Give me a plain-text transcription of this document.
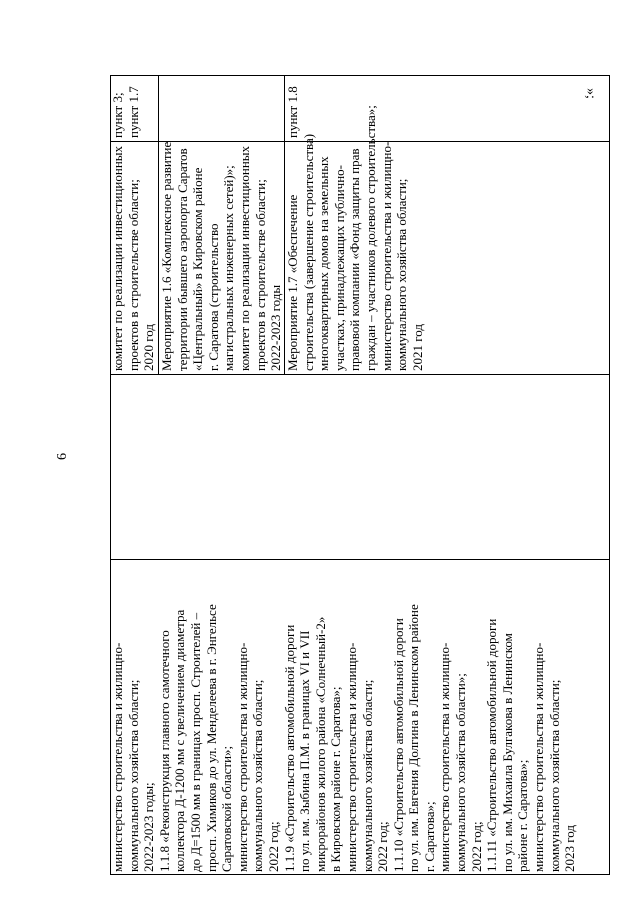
6
»;
министерство строительства и жилищно- коммунального хозяйства области; 2022-2023 годы; 1.1.8 «Реконструкция главного самотечного коллектора Д-1200 мм с увеличением диаметра до Д=1500 мм в границах просп. Строителей – просп. Химиков до ул. Менделеева в г. Энгельсе Саратовской области»; министерство строительства и жилищно- коммунального хозяйства области; 2022 год; 1.1.9 «Строительство автомобильной дороги по ул. им. Зыбина П.М. в границах VI и VII микрорайонов жилого района «Солнечный-2» в Кировском районе г. Саратова»; министерство строительства и жилищно- коммунального хозяйства области; 2022 год; 1.1.10 «Строительство автомобильной дороги по ул. им. Евгения Долгина в Ленинском районе г. Саратова»; министерство строительства и жилищно- коммунального хозяйства области»; 2022 год; 1.1.11 «Строительство автомобильной дороги по ул. им. Михаила Булгакова в Ленинском районе г. Саратова»; министерство строительства и жилищно- коммунального хозяйства области; 2023 год
комитет по реализации инвестиционных проектов в строительстве области; 2020 год
пункт 3; пункт 1.7
Мероприятие 1.6 «Комплексное развитие территории бывшего аэропорта Саратов «Центральный» в Кировском районе г. Саратова (строительство магистральных инженерных сетей)»; комитет по реализации инвестиционных проектов в строительстве области; 2022-2023 годы Мероприятие 1.7 «Обеспечение строительства (завершение строительства) многоквартирных домов на земельных участках, принадлежащих публично- правовой компании «Фонд защиты прав граждан – участников долевого строительства»; министерство строительства и жилищно- коммунального хозяйства области; 2021 год
пункт 1.8
